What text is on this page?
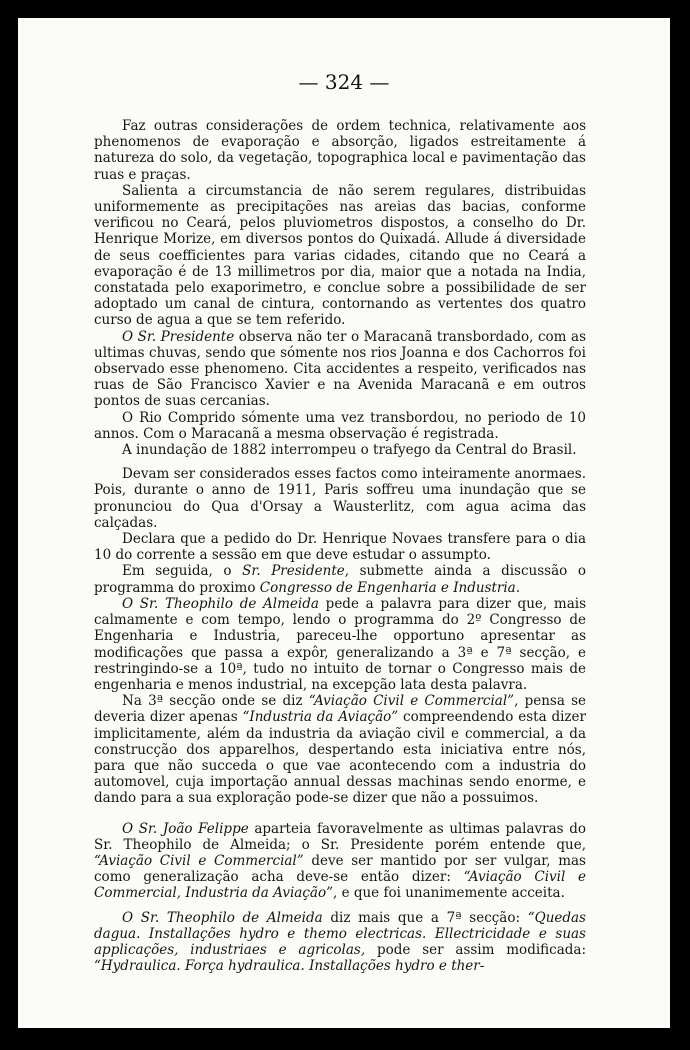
— 324 —

Faz outras considerações de ordem technica, relativamente aos phenomenos de evaporação e absorção, ligados estreitamente á natureza do solo, da vegetação, topographica local e pavimentação das ruas e praças.

Salienta a circumstancia de não serem regulares, distribuidas uniformemente as precipitações nas areias das bacias, conforme verificou no Ceará, pelos pluviometros dispostos, a conselho do Dr. Henrique Morize, em diversos pontos do Quixadá. Allude á diversidade de seus coefficientes para varias cidades, citando que no Ceará a evaporação é de 13 millimetros por dia, maior que a notada na India, constatada pelo exaporimetro, e conclue sobre a possibilidade de ser adoptado um canal de cintura, contornando as vertentes dos quatro curso de agua a que se tem referido.

O Sr. Presidente observa não ter o Maracanã transbordado, com as ultimas chuvas, sendo que sómente nos rios Joanna e dos Cachorros foi observado esse phenomeno. Cita accidentes a respeito, verificados nas ruas de São Francisco Xavier e na Avenida Maracanã e em outros pontos de suas cercanias.

O Rio Comprido sómente uma vez transbordou, no periodo de 10 annos. Com o Maracanã a mesma observação é registrada.

A inundação de 1882 interrompeu o trafyego da Central do Brasil.

Devam ser considerados esses factos como inteiramente anormaes. Pois, durante o anno de 1911, Paris soffreu uma inundação que se pronunciou do Qua d'Orsay a Wausterlitz, com agua acima das calçadas.

Declara que a pedido do Dr. Henrique Novaes transfere para o dia 10 do corrente a sessão em que deve estudar o assumpto.

Em seguida, o Sr. Presidente, submette ainda a discussão o programma do proximo Congresso de Engenharia e Industria.

O Sr. Theophilo de Almeida pede a palavra para dizer que, mais calmamente e com tempo, lendo o programma do 2º Congresso de Engenharia e Industria, pareceu-lhe opportuno apresentar as modificações que passa a expôr, generalizando a 3ª e 7ª secção, e restringindo-se a 10ª, tudo no intuito de tornar o Congresso mais de engenharia e menos industrial, na excepção lata desta palavra.

Na 3ª secção onde se diz “Aviação Civil e Commercial”, pensa se deveria dizer apenas “Industria da Aviação” compreendendo esta dizer implicitamente, além da industria da aviação civil e commercial, a da construcção dos apparelhos, despertando esta iniciativa entre nós, para que não succeda o que vae acontecendo com a industria do automovel, cuja importação annual dessas machinas sendo enorme, e dando para a sua exploração pode-se dizer que não a possuimos.

O Sr. João Felippe aparteia favoravelmente as ultimas palavras do Sr. Theophilo de Almeida; o Sr. Presidente porém entende que, “Aviação Civil e Commercial” deve ser mantido por ser vulgar, mas como generalização acha deve-se então dizer: “Aviação Civil e Commercial, Industria da Aviação”, e que foi unanimemente acceita.

O Sr. Theophilo de Almeida diz mais que a 7ª secção: “Quedas dagua. Installações hydro e themo electricas. Ellectricidade e suas applicações, industriaes e agricolas, pode ser assim modificada: “Hydraulica. Força hydraulica. Installações hydro e ther-
